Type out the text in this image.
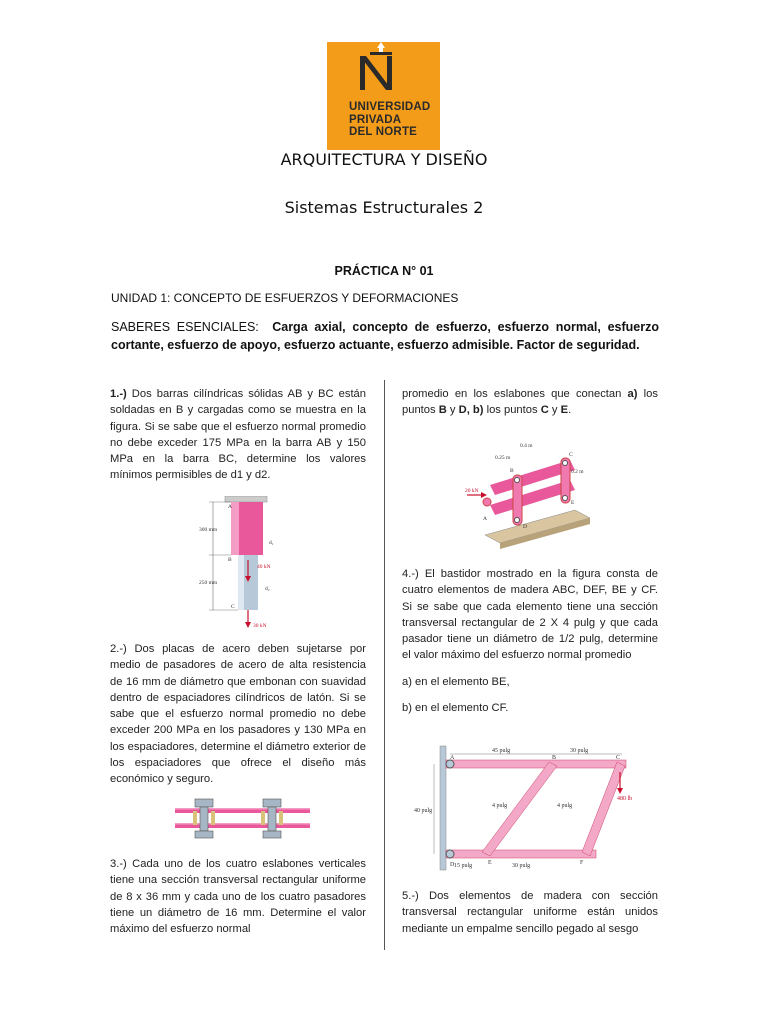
UNIVERSIDAD
PRIVADA
DEL NORTE
ARQUITECTURA Y DISEÑO
Sistemas Estructurales 2
PRÁCTICA N° 01
UNIDAD 1: CONCEPTO DE ESFUERZOS Y DEFORMACIONES
SABERES ESENCIALES: Carga axial, concepto de esfuerzo, esfuerzo normal, esfuerzo cortante, esfuerzo de apoyo, esfuerzo actuante, esfuerzo admisible. Factor de seguridad.

1.-) Dos barras cilíndricas sólidas AB y BC están soldadas en B y cargadas como se muestra en la figura. Si se sabe que el esfuerzo normal promedio no debe exceder 175 MPa en la barra AB y 150 MPa en la barra BC, determine los valores mínimos permisibles de d1 y d2.

300 mm
250 mm
A
B
C
d₁
d₂
40 kN
30 kN

2.-) Dos placas de acero deben sujetarse por medio de pasadores de acero de alta resistencia de 16 mm de diámetro que embonan con suavidad dentro de espaciadores cilíndricos de latón. Si se sabe que el esfuerzo normal promedio no debe exceder 200 MPa en los pasadores y 130 MPa en los espaciadores, determine el diámetro exterior de los espaciadores que ofrece el diseño más económico y seguro.

3.-) Cada uno de los cuatro eslabones verticales tiene una sección transversal rectangular uniforme de 8 x 36 mm y cada uno de los cuatro pasadores tiene un diámetro de 16 mm. Determine el valor máximo del esfuerzo normal

promedio en los eslabones que conectan a) los puntos B y D, b) los puntos C y E.

20 kN
0.4 m
0.25 m
0.2 m
A
B
C
D
E

4.-) El bastidor mostrado en la figura consta de cuatro elementos de madera ABC, DEF, BE y CF. Si se sabe que cada elemento tiene una sección transversal rectangular de 2 X 4 pulg y que cada pasador tiene un diámetro de 1/2 pulg, determine el valor máximo del esfuerzo normal promedio

a) en el elemento BE,

b) en el elemento CF.

480 lb
40 pulg
45 pulg	30 pulg
15 pulg	30 pulg
4 pulg	4 pulg
A	B	C
D	E	F

5.-) Dos elementos de madera con sección transversal rectangular uniforme están unidos mediante un empalme sencillo pegado al sesgo
